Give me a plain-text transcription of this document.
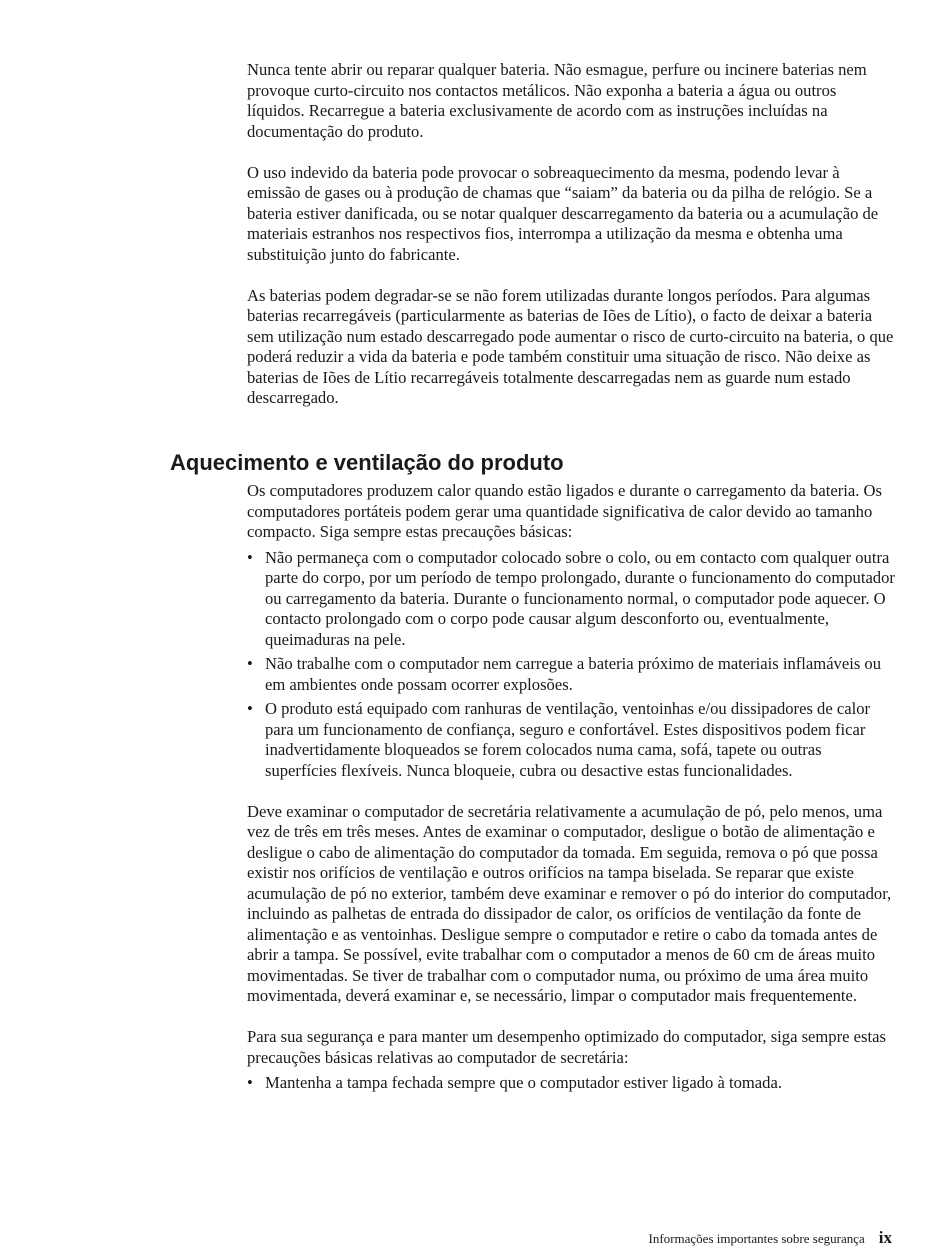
Nunca tente abrir ou reparar qualquer bateria. Não esmague, perfure ou incinere baterias nem provoque curto-circuito nos contactos metálicos. Não exponha a bateria a água ou outros líquidos. Recarregue a bateria exclusivamente de acordo com as instruções incluídas na documentação do produto.

O uso indevido da bateria pode provocar o sobreaquecimento da mesma, podendo levar à emissão de gases ou à produção de chamas que “saiam” da bateria ou da pilha de relógio. Se a bateria estiver danificada, ou se notar qualquer descarregamento da bateria ou a acumulação de materiais estranhos nos respectivos fios, interrompa a utilização da mesma e obtenha uma substituição junto do fabricante.

As baterias podem degradar-se se não forem utilizadas durante longos períodos. Para algumas baterias recarregáveis (particularmente as baterias de Iões de Lítio), o facto de deixar a bateria sem utilização num estado descarregado pode aumentar o risco de curto-circuito na bateria, o que poderá reduzir a vida da bateria e pode também constituir uma situação de risco. Não deixe as baterias de Iões de Lítio recarregáveis totalmente descarregadas nem as guarde num estado descarregado.

Aquecimento e ventilação do produto

Os computadores produzem calor quando estão ligados e durante o carregamento da bateria. Os computadores portáteis podem gerar uma quantidade significativa de calor devido ao tamanho compacto. Siga sempre estas precauções básicas:

• Não permaneça com o computador colocado sobre o colo, ou em contacto com qualquer outra parte do corpo, por um período de tempo prolongado, durante o funcionamento do computador ou carregamento da bateria. Durante o funcionamento normal, o computador pode aquecer. O contacto prolongado com o corpo pode causar algum desconforto ou, eventualmente, queimaduras na pele.
• Não trabalhe com o computador nem carregue a bateria próximo de materiais inflamáveis ou em ambientes onde possam ocorrer explosões.
• O produto está equipado com ranhuras de ventilação, ventoinhas e/ou dissipadores de calor para um funcionamento de confiança, seguro e confortável. Estes dispositivos podem ficar inadvertidamente bloqueados se forem colocados numa cama, sofá, tapete ou outras superfícies flexíveis. Nunca bloqueie, cubra ou desactive estas funcionalidades.

Deve examinar o computador de secretária relativamente a acumulação de pó, pelo menos, uma vez de três em três meses. Antes de examinar o computador, desligue o botão de alimentação e desligue o cabo de alimentação do computador da tomada. Em seguida, remova o pó que possa existir nos orifícios de ventilação e outros orifícios na tampa biselada. Se reparar que existe acumulação de pó no exterior, também deve examinar e remover o pó do interior do computador, incluindo as palhetas de entrada do dissipador de calor, os orifícios de ventilação da fonte de alimentação e as ventoinhas. Desligue sempre o computador e retire o cabo da tomada antes de abrir a tampa. Se possível, evite trabalhar com o computador a menos de 60 cm de áreas muito movimentadas. Se tiver de trabalhar com o computador numa, ou próximo de uma área muito movimentada, deverá examinar e, se necessário, limpar o computador mais frequentemente.

Para sua segurança e para manter um desempenho optimizado do computador, siga sempre estas precauções básicas relativas ao computador de secretária:

• Mantenha a tampa fechada sempre que o computador estiver ligado à tomada.
Informações importantes sobre segurança ix
